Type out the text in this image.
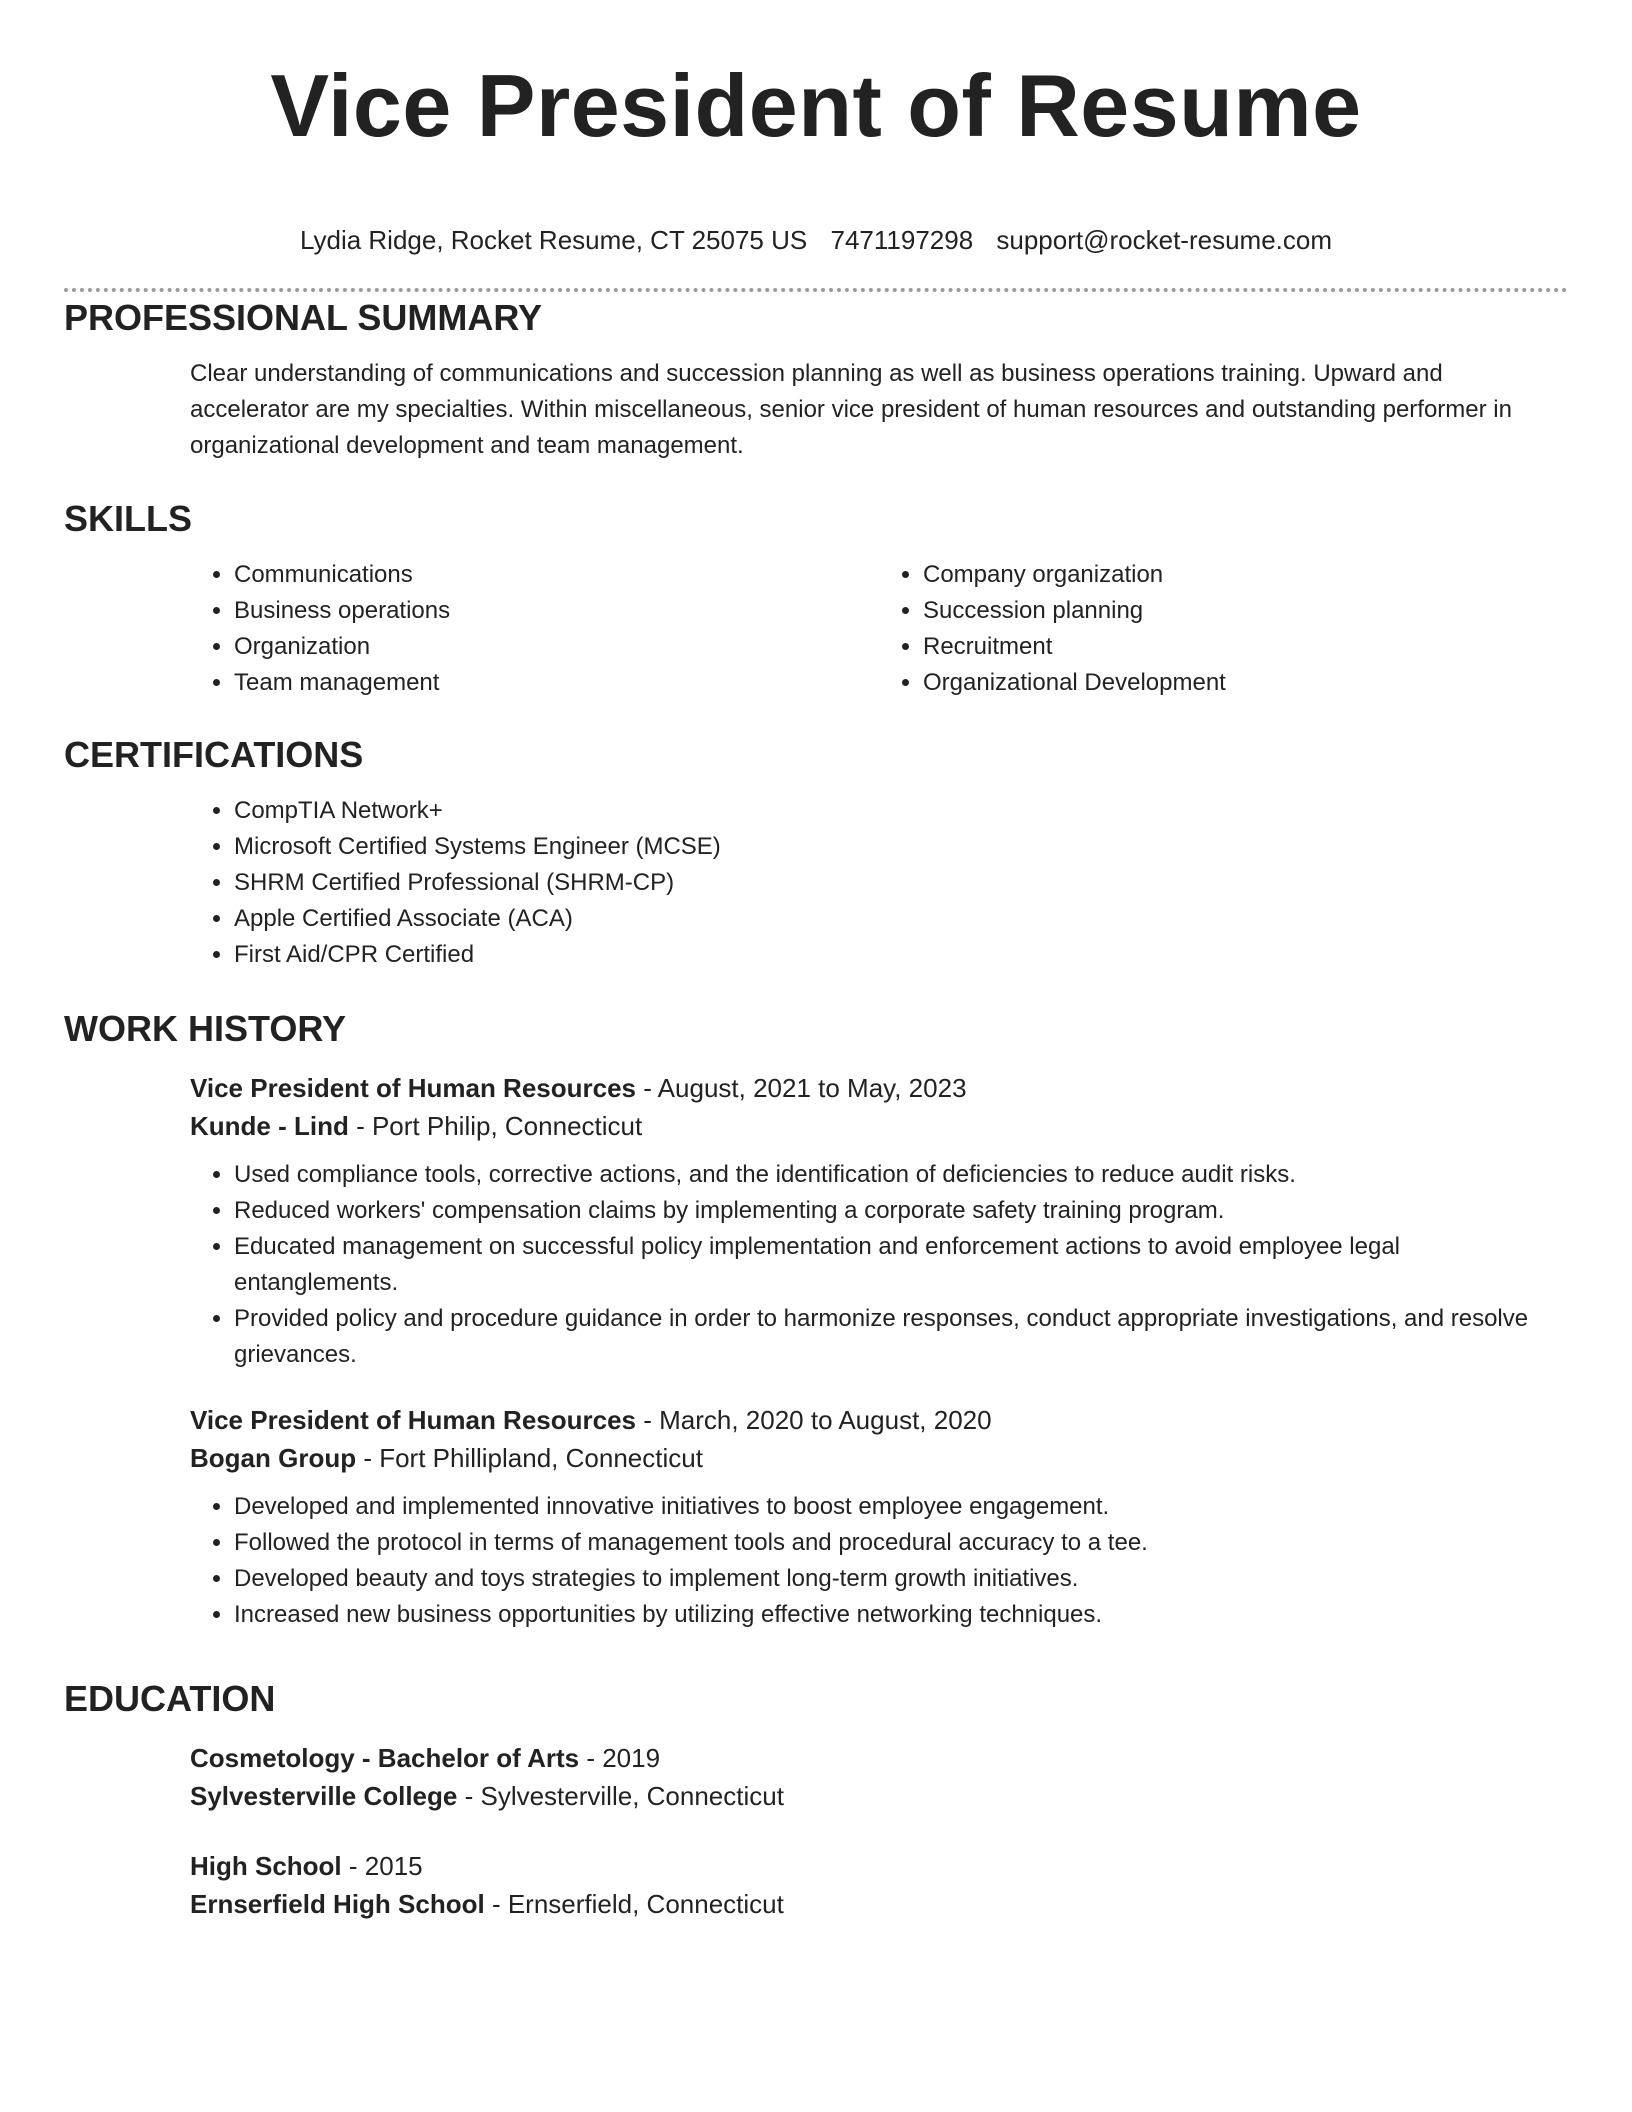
Vice President of Resume
Lydia Ridge, Rocket Resume, CT 25075 US 7471197298 support@rocket-resume.com
PROFESSIONAL SUMMARY
Clear understanding of communications and succession planning as well as business operations training. Upward and accelerator are my specialties. Within miscellaneous, senior vice president of human resources and outstanding performer in organizational development and team management.
SKILLS
• Communications
• Business operations
• Organization
• Team management
• Company organization
• Succession planning
• Recruitment
• Organizational Development
CERTIFICATIONS
• CompTIA Network+
• Microsoft Certified Systems Engineer (MCSE)
• SHRM Certified Professional (SHRM-CP)
• Apple Certified Associate (ACA)
• First Aid/CPR Certified
WORK HISTORY
Vice President of Human Resources - August, 2021 to May, 2023
Kunde - Lind - Port Philip, Connecticut
• Used compliance tools, corrective actions, and the identification of deficiencies to reduce audit risks.
• Reduced workers' compensation claims by implementing a corporate safety training program.
• Educated management on successful policy implementation and enforcement actions to avoid employee legal entanglements.
• Provided policy and procedure guidance in order to harmonize responses, conduct appropriate investigations, and resolve grievances.
Vice President of Human Resources - March, 2020 to August, 2020
Bogan Group - Fort Phillipland, Connecticut
• Developed and implemented innovative initiatives to boost employee engagement.
• Followed the protocol in terms of management tools and procedural accuracy to a tee.
• Developed beauty and toys strategies to implement long-term growth initiatives.
• Increased new business opportunities by utilizing effective networking techniques.
EDUCATION
Cosmetology - Bachelor of Arts - 2019
Sylvesterville College - Sylvesterville, Connecticut
High School - 2015
Ernserfield High School - Ernserfield, Connecticut
